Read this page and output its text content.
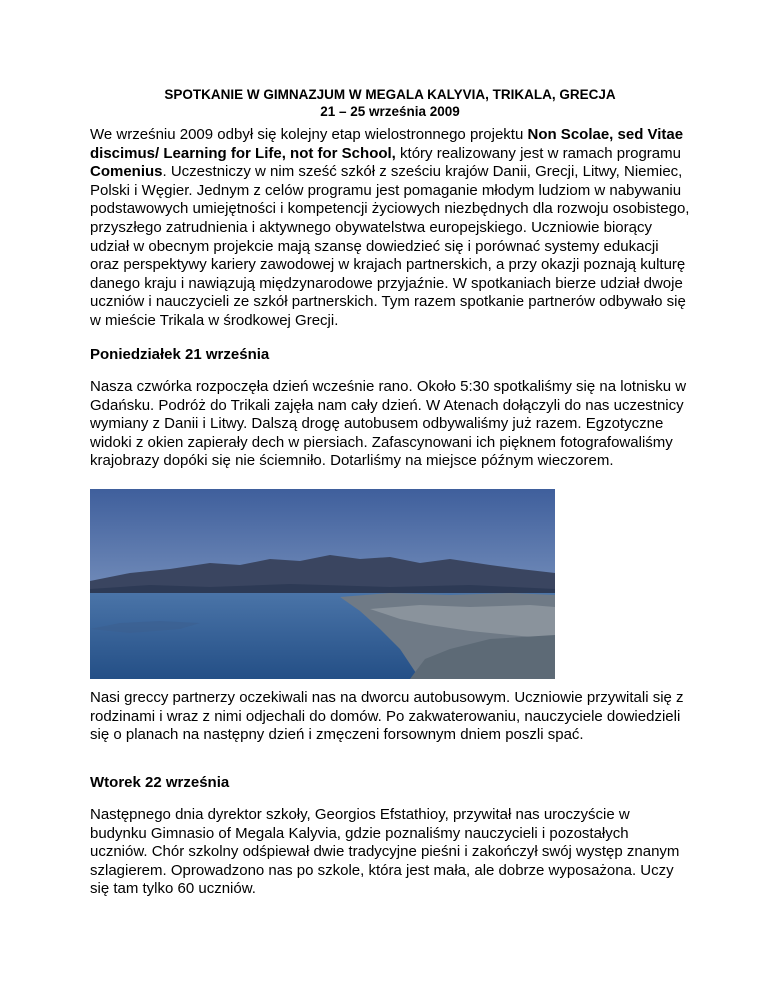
SPOTKANIE W GIMNAZJUM W MEGALA KALYVIA, TRIKALA, GRECJA
21 – 25 września 2009

We wrześniu 2009 odbył się kolejny etap wielostronnego projektu Non Scolae, sed Vitae discimus/ Learning for Life, not for School, który realizowany jest w ramach programu Comenius. Uczestniczy w nim sześć szkół z sześciu krajów Danii, Grecji, Litwy, Niemiec, Polski i Węgier. Jednym z celów programu jest pomaganie młodym ludziom w nabywaniu podstawowych umiejętności i kompetencji życiowych niezbędnych dla rozwoju osobistego, przyszłego zatrudnienia i aktywnego obywatelstwa europejskiego. Uczniowie biorący udział w obecnym projekcie mają szansę dowiedzieć się i porównać systemy edukacji oraz perspektywy kariery zawodowej w krajach partnerskich, a przy okazji poznają kulturę danego kraju i nawiązują międzynarodowe przyjaźnie. W spotkaniach bierze udział dwoje uczniów i nauczycieli ze szkół partnerskich. Tym razem spotkanie partnerów odbywało się w mieście Trikala w środkowej Grecji.

Poniedziałek 21 września

Nasza czwórka rozpoczęła dzień wcześnie rano. Około 5:30 spotkaliśmy się na lotnisku w Gdańsku. Podróż do Trikali zajęła nam cały dzień. W Atenach dołączyli do nas uczestnicy wymiany z Danii i Litwy. Dalszą drogę autobusem odbywaliśmy już razem. Egzotyczne widoki z okien zapierały dech w piersiach. Zafascynowani ich pięknem fotografowaliśmy krajobrazy dopóki się nie ściemniło. Dotarliśmy na miejsce późnym wieczorem.

Nasi greccy partnerzy oczekiwali nas na dworcu autobusowym. Uczniowie przywitali się z rodzinami i wraz z nimi odjechali do domów. Po zakwaterowaniu, nauczyciele dowiedzieli się o planach na następny dzień i zmęczeni forsownym dniem poszli spać.

Wtorek 22 września

Następnego dnia dyrektor szkoły, Georgios Efstathioy, przywitał nas uroczyście w budynku Gimnasio of Megala Kalyvia, gdzie poznaliśmy nauczycieli i pozostałych uczniów. Chór szkolny odśpiewał dwie tradycyjne pieśni i zakończył swój występ znanym szlagierem. Oprowadzono nas po szkole, która jest mała, ale dobrze wyposażona. Uczy się tam tylko 60 uczniów.
